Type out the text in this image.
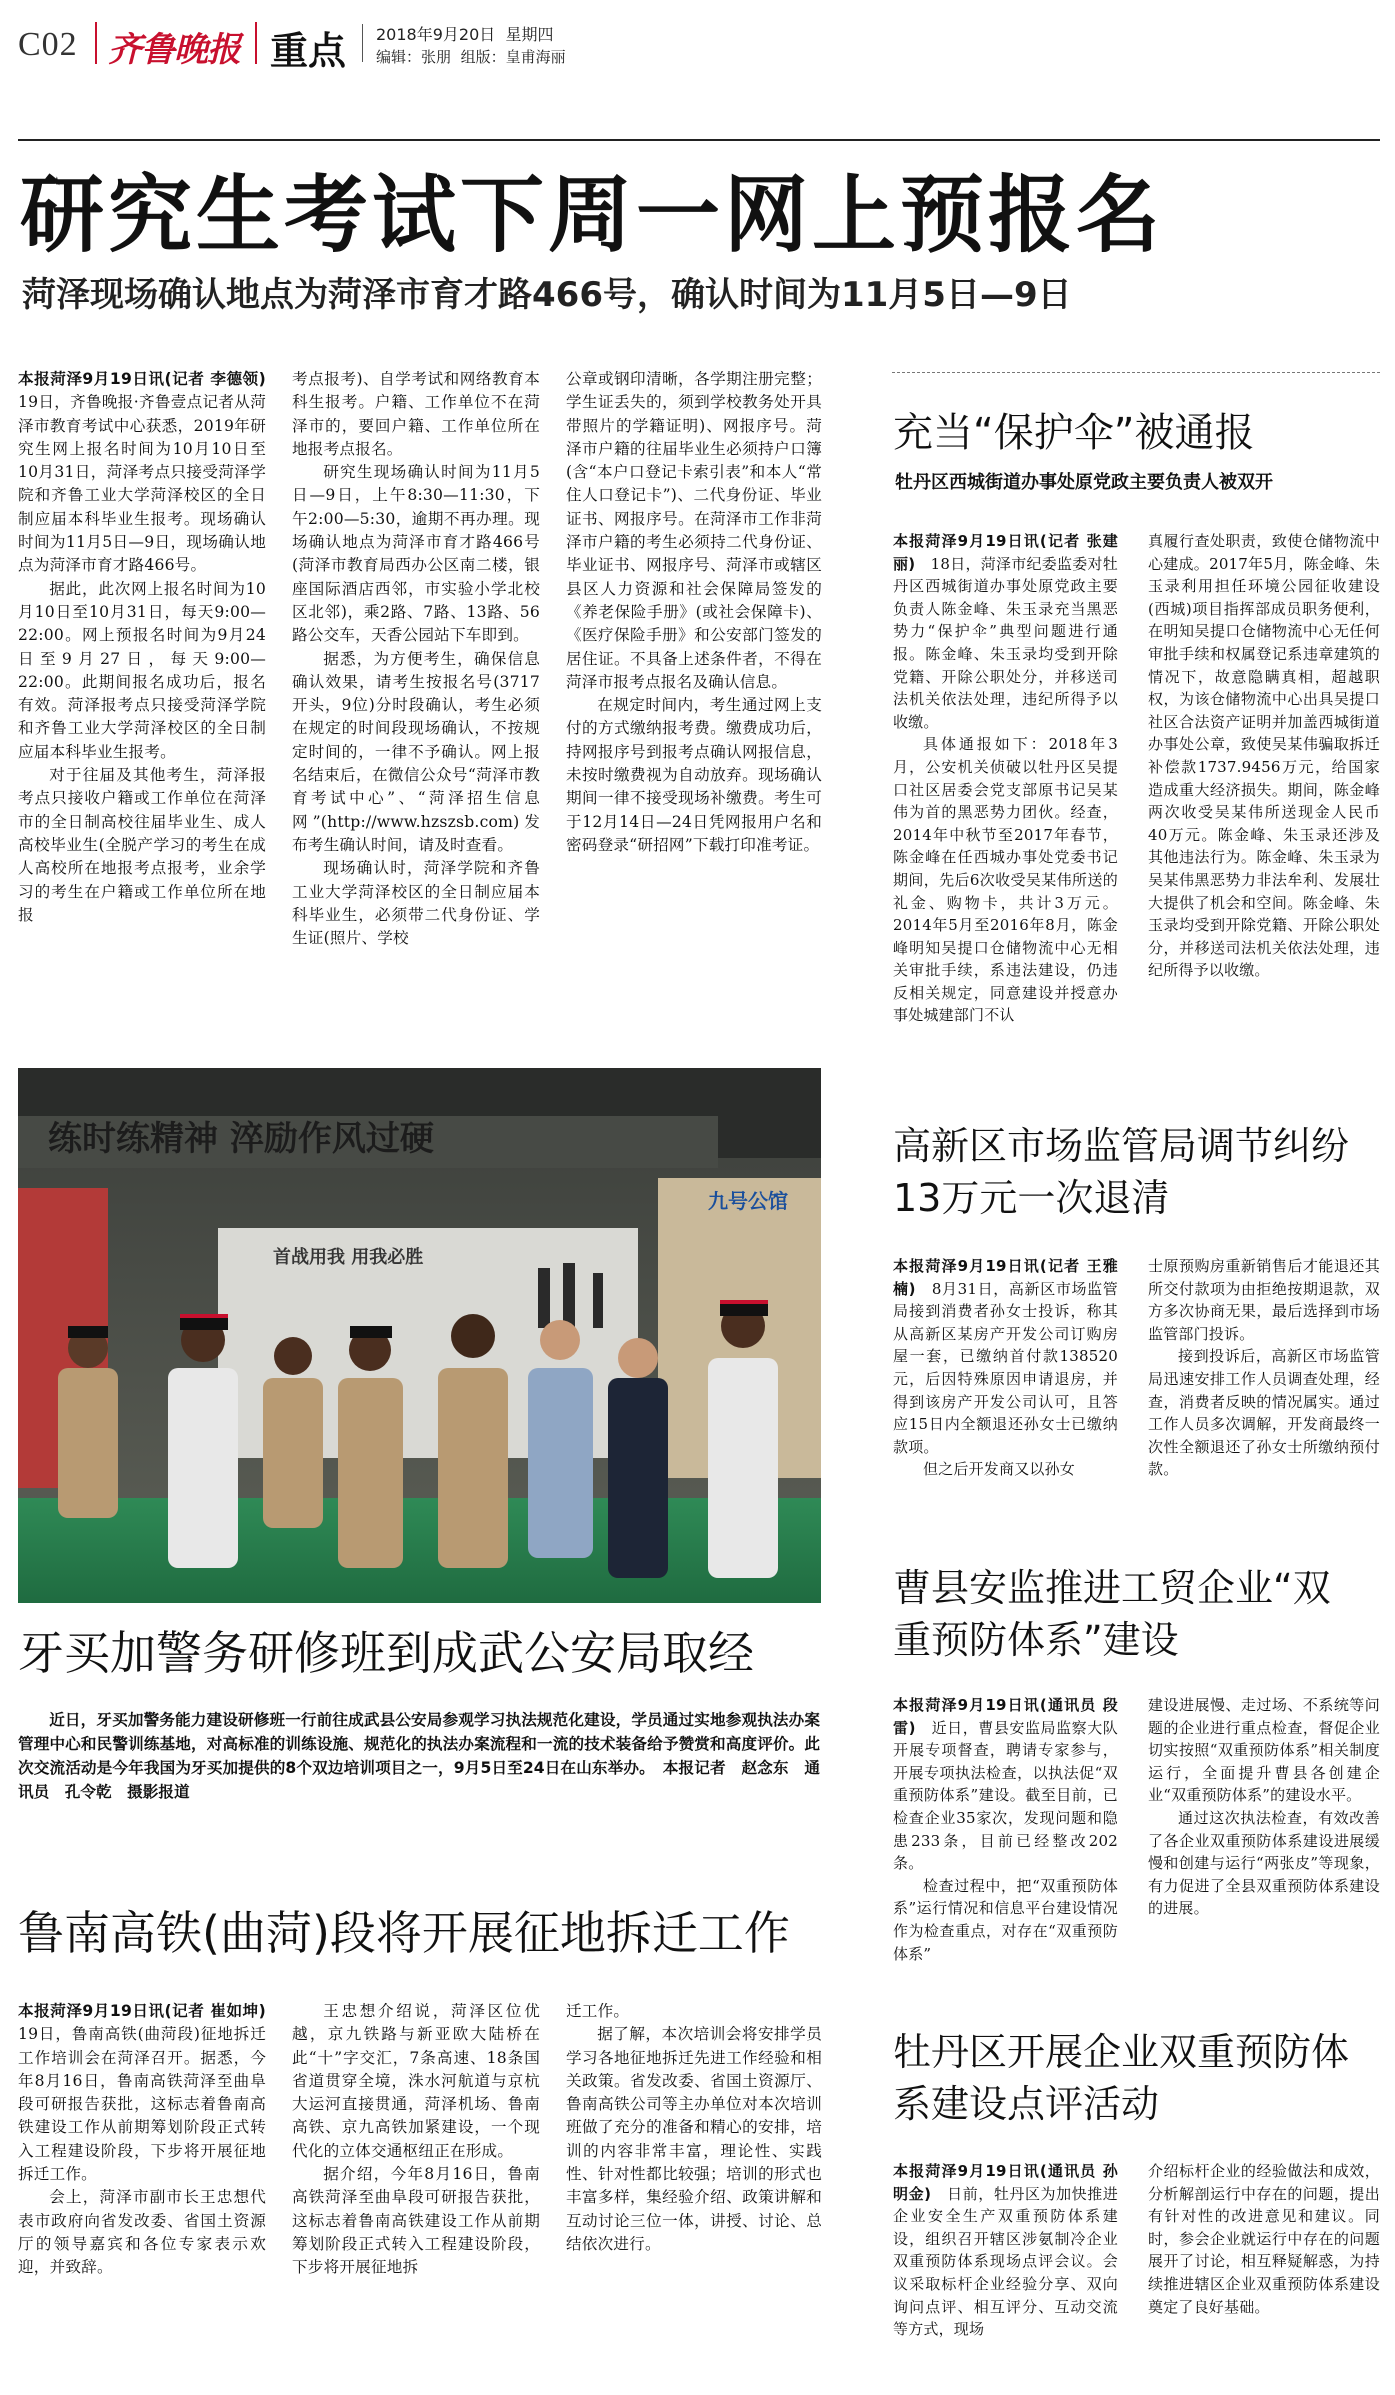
C02 齐鲁晚报 重点 2018年9月20日 星期四
编辑：张朋 组版：皇甫海丽
研究生考试下周一网上预报名
菏泽现场确认地点为菏泽市育才路466号，确认时间为11月5日—9日

本报菏泽9月19日讯(记者 李德领)　19日，齐鲁晚报·齐鲁壹点记者从菏泽市教育考试中心获悉，2019年研究生网上报名时间为10月10日至10月31日，菏泽考点只接受菏泽学院和齐鲁工业大学菏泽校区的全日制应届本科毕业生报考。现场确认时间为11月5日—9日，现场确认地点为菏泽市育才路466号。

据此，此次网上报名时间为10月10日至10月31日，每天9:00—22:00。网上预报名时间为9月24日至9月27日，每天9:00—22:00。此期间报名成功后，报名有效。菏泽报考点只接受菏泽学院和齐鲁工业大学菏泽校区的全日制应届本科毕业生报考。

对于往届及其他考生，菏泽报考点只接收户籍或工作单位在菏泽市的全日制高校往届毕业生、成人高校毕业生(全脱产学习的考生在成人高校所在地报考点报考，业余学习的考生在户籍或工作单位所在地报

考点报考)、自学考试和网络教育本科生报考。户籍、工作单位不在菏泽市的，要回户籍、工作单位所在地报考点报名。

研究生现场确认时间为11月5日—9日，上午8:30—11:30，下午2:00—5:30，逾期不再办理。现场确认地点为菏泽市育才路466号(菏泽市教育局西办公区南二楼，银座国际酒店西邻，市实验小学北校区北邻)，乘2路、7路、13路、56路公交车，天香公园站下车即到。

据悉，为方便考生，确保信息确认效果，请考生按报名号(3717开头，9位)分时段确认，考生必须在规定的时间段现场确认，不按规定时间的，一律不予确认。网上报名结束后，在微信公众号“菏泽市教育考试中心”、“菏泽招生信息网”(http://www.hzszsb.com)发布考生确认时间，请及时查看。

现场确认时，菏泽学院和齐鲁工业大学菏泽校区的全日制应届本科毕业生，必须带二代身份证、学生证(照片、学校

公章或钢印清晰，各学期注册完整；学生证丢失的，须到学校教务处开具带照片的学籍证明)、网报序号。菏泽市户籍的往届毕业生必须持户口簿(含“本户口登记卡索引表”和本人“常住人口登记卡”)、二代身份证、毕业证书、网报序号。在菏泽市工作非菏泽市户籍的考生必须持二代身份证、毕业证书、网报序号、菏泽市或辖区县区人力资源和社会保障局签发的《养老保险手册》(或社会保障卡)、《医疗保险手册》和公安部门签发的居住证。不具备上述条件者，不得在菏泽市报考点报名及确认信息。

在规定时间内，考生通过网上支付的方式缴纳报考费。缴费成功后，持网报序号到报考点确认网报信息，未按时缴费视为自动放弃。现场确认期间一律不接受现场补缴费。考生可于12月14日—24日凭网报用户名和密码登录“研招网”下载打印准考证。

练时练精神 淬励作风过硬
首战用我 用我必胜
九号公馆
牙买加警务研修班到成武公安局取经
近日，牙买加警务能力建设研修班一行前往成武县公安局参观学习执法规范化建设，学员通过实地参观执法办案管理中心和民警训练基地，对高标准的训练设施、规范化的执法办案流程和一流的技术装备给予赞赏和高度评价。此次交流活动是今年我国为牙买加提供的8个双边培训项目之一，9月5日至24日在山东举办。　 本报记者　赵念东　通讯员　孔令乾　摄影报道
鲁南高铁(曲菏)段将开展征地拆迁工作

本报菏泽9月19日讯(记者 崔如坤)　19日，鲁南高铁(曲菏段)征地拆迁工作培训会在菏泽召开。据悉，今年8月16日，鲁南高铁菏泽至曲阜段可研报告获批，这标志着鲁南高铁建设工作从前期筹划阶段正式转入工程建设阶段，下步将开展征地拆迁工作。

会上，菏泽市副市长王忠想代表市政府向省发改委、省国土资源厅的领导嘉宾和各位专家表示欢迎，并致辞。

王忠想介绍说，菏泽区位优越，京九铁路与新亚欧大陆桥在此“十”字交汇，7条高速、18条国省道贯穿全境，洙水河航道与京杭大运河直接贯通，菏泽机场、鲁南高铁、京九高铁加紧建设，一个现代化的立体交通枢纽正在形成。

据介绍，今年8月16日，鲁南高铁菏泽至曲阜段可研报告获批，这标志着鲁南高铁建设工作从前期筹划阶段正式转入工程建设阶段，下步将开展征地拆

迁工作。

据了解，本次培训会将安排学员学习各地征地拆迁先进工作经验和相关政策。省发改委、省国土资源厅、鲁南高铁公司等主办单位对本次培训班做了充分的准备和精心的安排，培训的内容非常丰富，理论性、实践性、针对性都比较强；培训的形式也丰富多样，集经验介绍、政策讲解和互动讨论三位一体，讲授、讨论、总结依次进行。

充当“保护伞”被通报
牡丹区西城街道办事处原党政主要负责人被双开

本报菏泽9月19日讯(记者 张建丽)　 18日，菏泽市纪委监委对牡丹区西城街道办事处原党政主要负责人陈金峰、朱玉录充当黑恶势力“保护伞”典型问题进行通报。陈金峰、朱玉录均受到开除党籍、开除公职处分，并移送司法机关依法处理，违纪所得予以收缴。

具体通报如下：2018年3月，公安机关侦破以牡丹区吴提口社区居委会党支部原书记吴某伟为首的黑恶势力团伙。经查，2014年中秋节至2017年春节，陈金峰在任西城办事处党委书记期间，先后6次收受吴某伟所送的礼金、购物卡，共计3万元。2014年5月至2016年8月，陈金峰明知吴提口仓储物流中心无相关审批手续，系违法建设，仍违反相关规定，同意建设并授意办事处城建部门不认

真履行查处职责，致使仓储物流中心建成。2017年5月，陈金峰、朱玉录利用担任环境公园征收建设(西城)项目指挥部成员职务便利，在明知吴提口仓储物流中心无任何审批手续和权属登记系违章建筑的情况下，故意隐瞒真相，超越职权，为该仓储物流中心出具吴提口社区合法资产证明并加盖西城街道办事处公章，致使吴某伟骗取拆迁补偿款1737.9456万元，给国家造成重大经济损失。期间，陈金峰两次收受吴某伟所送现金人民币40万元。陈金峰、朱玉录还涉及其他违法行为。陈金峰、朱玉录为吴某伟黑恶势力非法牟利、发展壮大提供了机会和空间。陈金峰、朱玉录均受到开除党籍、开除公职处分，并移送司法机关依法处理，违纪所得予以收缴。

高新区市场监管局调节纠纷13万元一次退清

本报菏泽9月19日讯(记者 王雅楠)　 8月31日，高新区市场监管局接到消费者孙女士投诉，称其从高新区某房产开发公司订购房屋一套，已缴纳首付款138520元，后因特殊原因申请退房，并得到该房产开发公司认可，且答应15日内全额退还孙女士已缴纳款项。

但之后开发商又以孙女

士原预购房重新销售后才能退还其所交付款项为由拒绝按期退款，双方多次协商无果，最后选择到市场监管部门投诉。

接到投诉后，高新区市场监管局迅速安排工作人员调查处理，经查，消费者反映的情况属实。通过工作人员多次调解，开发商最终一次性全额退还了孙女士所缴纳预付款。

曹县安监推进工贸企业“双重预防体系”建设

本报菏泽9月19日讯(通讯员 段雷)　 近日，曹县安监局监察大队开展专项督查，聘请专家参与，开展专项执法检查，以执法促“双重预防体系”建设。截至目前，已检查企业35家次，发现问题和隐患233条，目前已经整改202条。

检查过程中，把“双重预防体系”运行情况和信息平台建设情况作为检查重点，对存在“双重预防体系”

建设进展慢、走过场、不系统等问题的企业进行重点检查，督促企业切实按照“双重预防体系”相关制度运行，全面提升曹县各创建企业“双重预防体系”的建设水平。

通过这次执法检查，有效改善了各企业双重预防体系建设进展缓慢和创建与运行“两张皮”等现象，有力促进了全县双重预防体系建设的进展。

牡丹区开展企业双重预防体系建设点评活动

本报菏泽9月19日讯(通讯员 孙明金)　 日前，牡丹区为加快推进企业安全生产双重预防体系建设，组织召开辖区涉氨制冷企业双重预防体系现场点评会议。会议采取标杆企业经验分享、双向询问点评、相互评分、互动交流等方式，现场

介绍标杆企业的经验做法和成效，分析解剖运行中存在的问题，提出有针对性的改进意见和建议。同时，参会企业就运行中存在的问题展开了讨论，相互释疑解惑，为持续推进辖区企业双重预防体系建设奠定了良好基础。
